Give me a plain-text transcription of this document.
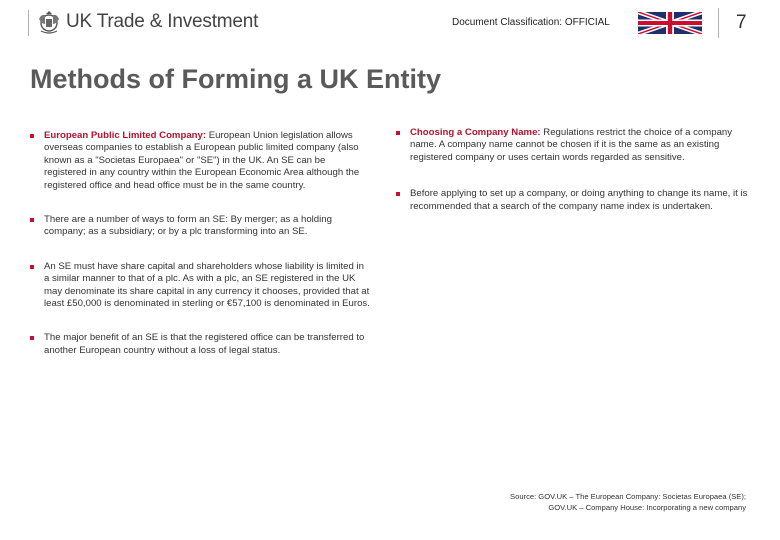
UK Trade & Investment	Document Classification: OFFICIAL	7
Methods of Forming a UK Entity

European Public Limited Company: European Union legislation allows overseas companies to establish a European public limited company (also known as a "Societas Europaea" or "SE") in the UK. An SE can be registered in any country within the European Economic Area although the registered office and head office must be in the same country.

There are a number of ways to form an SE: By merger; as a holding company; as a subsidiary; or by a plc transforming into an SE.

An SE must have share capital and shareholders whose liability is limited in a similar manner to that of a plc. As with a plc, an SE registered in the UK may denominate its share capital in any currency it chooses, provided that at least £50,000 is denominated in sterling or €57,100 is denominated in Euros.

The major benefit of an SE is that the registered office can be transferred to another European country without a loss of legal status.

Choosing a Company Name: Regulations restrict the choice of a company name. A company name cannot be chosen if it is the same as an existing registered company or uses certain words regarded as sensitive.

Before applying to set up a company, or doing anything to change its name, it is recommended that a search of the company name index is undertaken.

Source: GOV.UK – The European Company: Societas Europaea (SE);
GOV.UK – Company House: Incorporating a new company
